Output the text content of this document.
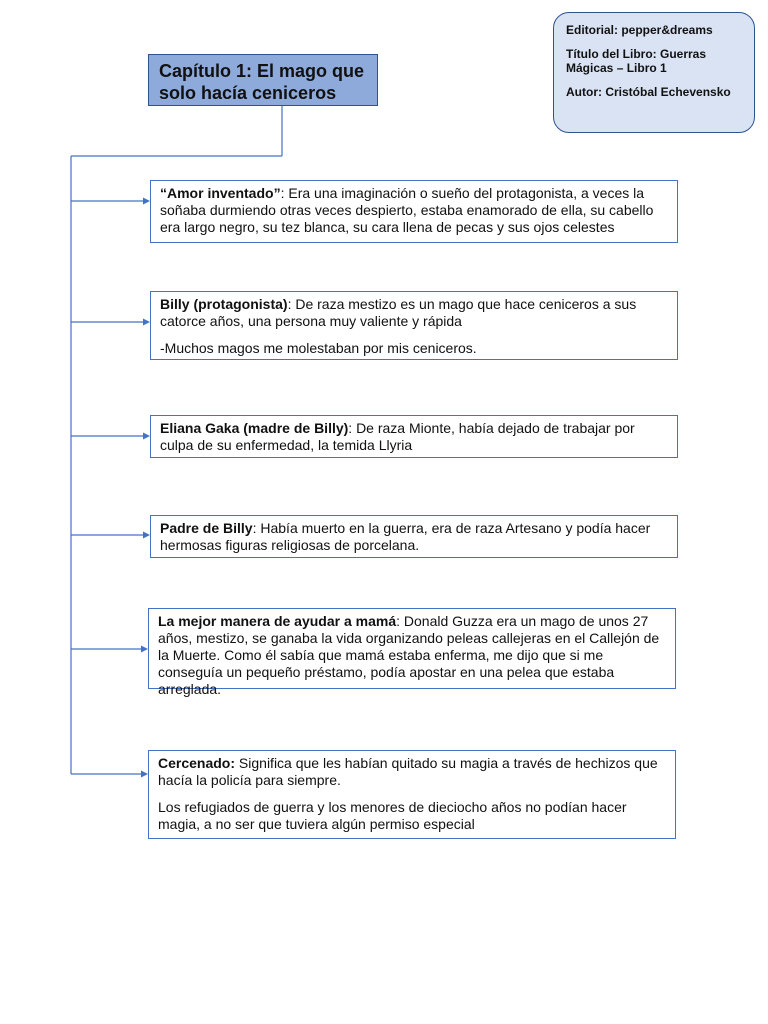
Capítulo 1: El mago que solo hacía ceniceros

Editorial: pepper&dreams

Título del Libro: Guerras Mágicas – Libro 1

Autor: Cristóbal Echevensko

“Amor inventado”: Era una imaginación o sueño del protagonista, a veces la soñaba durmiendo otras veces despierto, estaba enamorado de ella, su cabello era largo negro, su tez blanca, su cara llena de pecas y sus ojos celestes

Billy (protagonista): De raza mestizo es un mago que hace ceniceros a sus catorce años, una persona muy valiente y rápida

-Muchos magos me molestaban por mis ceniceros.

Eliana Gaka (madre de Billy): De raza Mionte, había dejado de trabajar por culpa de su enfermedad, la temida Llyria

Padre de Billy: Había muerto en la guerra, era de raza Artesano y podía hacer hermosas figuras religiosas de porcelana.

La mejor manera de ayudar a mamá: Donald Guzza era un mago de unos 27 años, mestizo, se ganaba la vida organizando peleas callejeras en el Callejón de la Muerte. Como él sabía que mamá estaba enferma, me dijo que si me conseguía un pequeño préstamo, podía apostar en una pelea que estaba arreglada.

Cercenado: Significa que les habían quitado su magia a través de hechizos que hacía la policía para siempre.

Los refugiados de guerra y los menores de dieciocho años no podían hacer magia, a no ser que tuviera algún permiso especial
